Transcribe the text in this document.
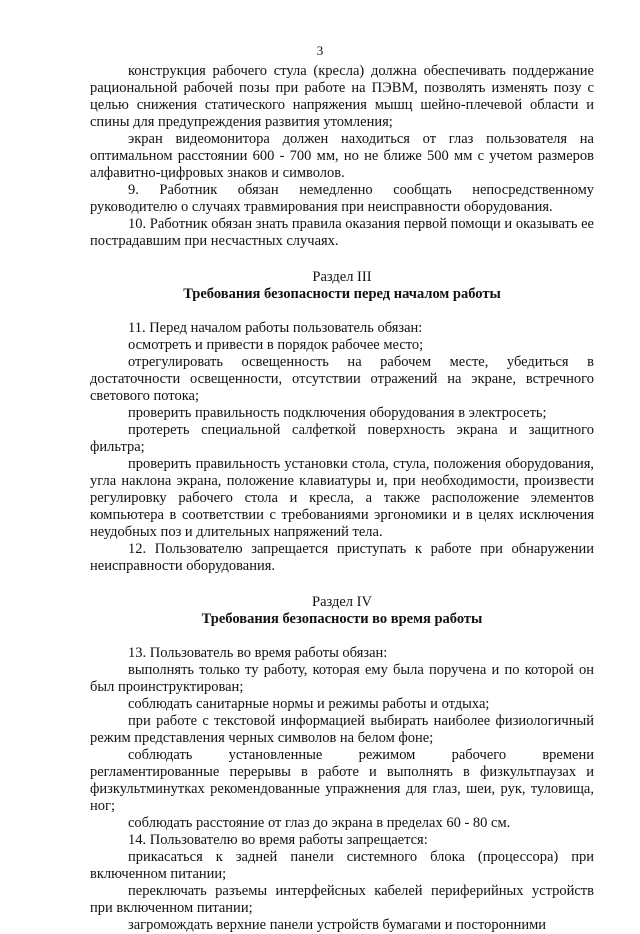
3

конструкция рабочего стула (кресла) должна обеспечивать поддержание рациональной рабочей позы при работе на ПЭВМ, позволять изменять позу с целью снижения статического напряжения мышц шейно-плечевой области и спины для предупреждения развития утомления;

экран видеомонитора должен находиться от глаз пользователя на оптимальном расстоянии 600 - 700 мм, но не ближе 500 мм с учетом размеров алфавитно-цифровых знаков и символов.

9. Работник обязан немедленно сообщать непосредственному руководителю о случаях травмирования при неисправности оборудования.

10. Работник обязан знать правила оказания первой помощи и оказывать ее пострадавшим при несчастных случаях.

Раздел III

Требования безопасности перед началом работы

11. Перед началом работы пользователь обязан:

осмотреть и привести в порядок рабочее место;

отрегулировать освещенность на рабочем месте, убедиться в достаточности освещенности, отсутствии отражений на экране, встречного светового потока;

проверить правильность подключения оборудования в электросеть;

протереть специальной салфеткой поверхность экрана и защитного фильтра;

проверить правильность установки стола, стула, положения оборудования, угла наклона экрана, положение клавиатуры и, при необходимости, произвести регулировку рабочего стола и кресла, а также расположение элементов компьютера в соответствии с требованиями эргономики и в целях исключения неудобных поз и длительных напряжений тела.

12. Пользователю запрещается приступать к работе при обнаружении неисправности оборудования.

Раздел IV

Требования безопасности во время работы

13. Пользователь во время работы обязан:

выполнять только ту работу, которая ему была поручена и по которой он был проинструктирован;

соблюдать санитарные нормы и режимы работы и отдыха;

при работе с текстовой информацией выбирать наиболее физиологичный режим представления черных символов на белом фоне;

соблюдать установленные режимом рабочего времени регламентированные перерывы в работе и выполнять в физкультпаузах и физкультминутках рекомендованные упражнения для глаз, шеи, рук, туловища, ног;

соблюдать расстояние от глаз до экрана в пределах 60 - 80 см.

14. Пользователю во время работы запрещается:

прикасаться к задней панели системного блока (процессора) при включенном питании;

переключать разъемы интерфейсных кабелей периферийных устройств при включенном питании;

загромождать верхние панели устройств бумагами и посторонними
